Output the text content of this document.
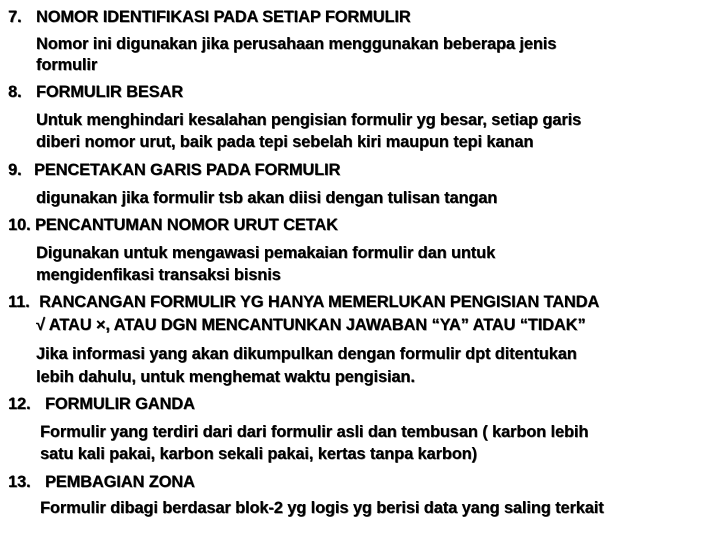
7. NOMOR IDENTIFIKASI PADA SETIAP FORMULIR
Nomor ini digunakan jika perusahaan menggunakan beberapa jenis
formulir
8. FORMULIR BESAR
Untuk menghindari kesalahan pengisian formulir yg besar, setiap garis
diberi nomor urut, baik pada tepi sebelah kiri maupun tepi kanan
9. PENCETAKAN GARIS PADA FORMULIR
digunakan jika formulir tsb akan diisi dengan tulisan tangan
10. PENCANTUMAN NOMOR URUT CETAK
Digunakan untuk mengawasi pemakaian formulir dan untuk
mengidenfikasi transaksi bisnis
11. RANCANGAN FORMULIR YG HANYA MEMERLUKAN PENGISIAN TANDA
√ ATAU ×, ATAU DGN MENCANTUNKAN JAWABAN “YA” ATAU “TIDAK”
Jika informasi yang akan dikumpulkan dengan formulir dpt ditentukan
lebih dahulu, untuk menghemat waktu pengisian.
12. FORMULIR GANDA
Formulir yang terdiri dari dari formulir asli dan tembusan ( karbon lebih
satu kali pakai, karbon sekali pakai, kertas tanpa karbon)
13. PEMBAGIAN ZONA
Formulir dibagi berdasar blok-2 yg logis yg berisi data yang saling terkait
